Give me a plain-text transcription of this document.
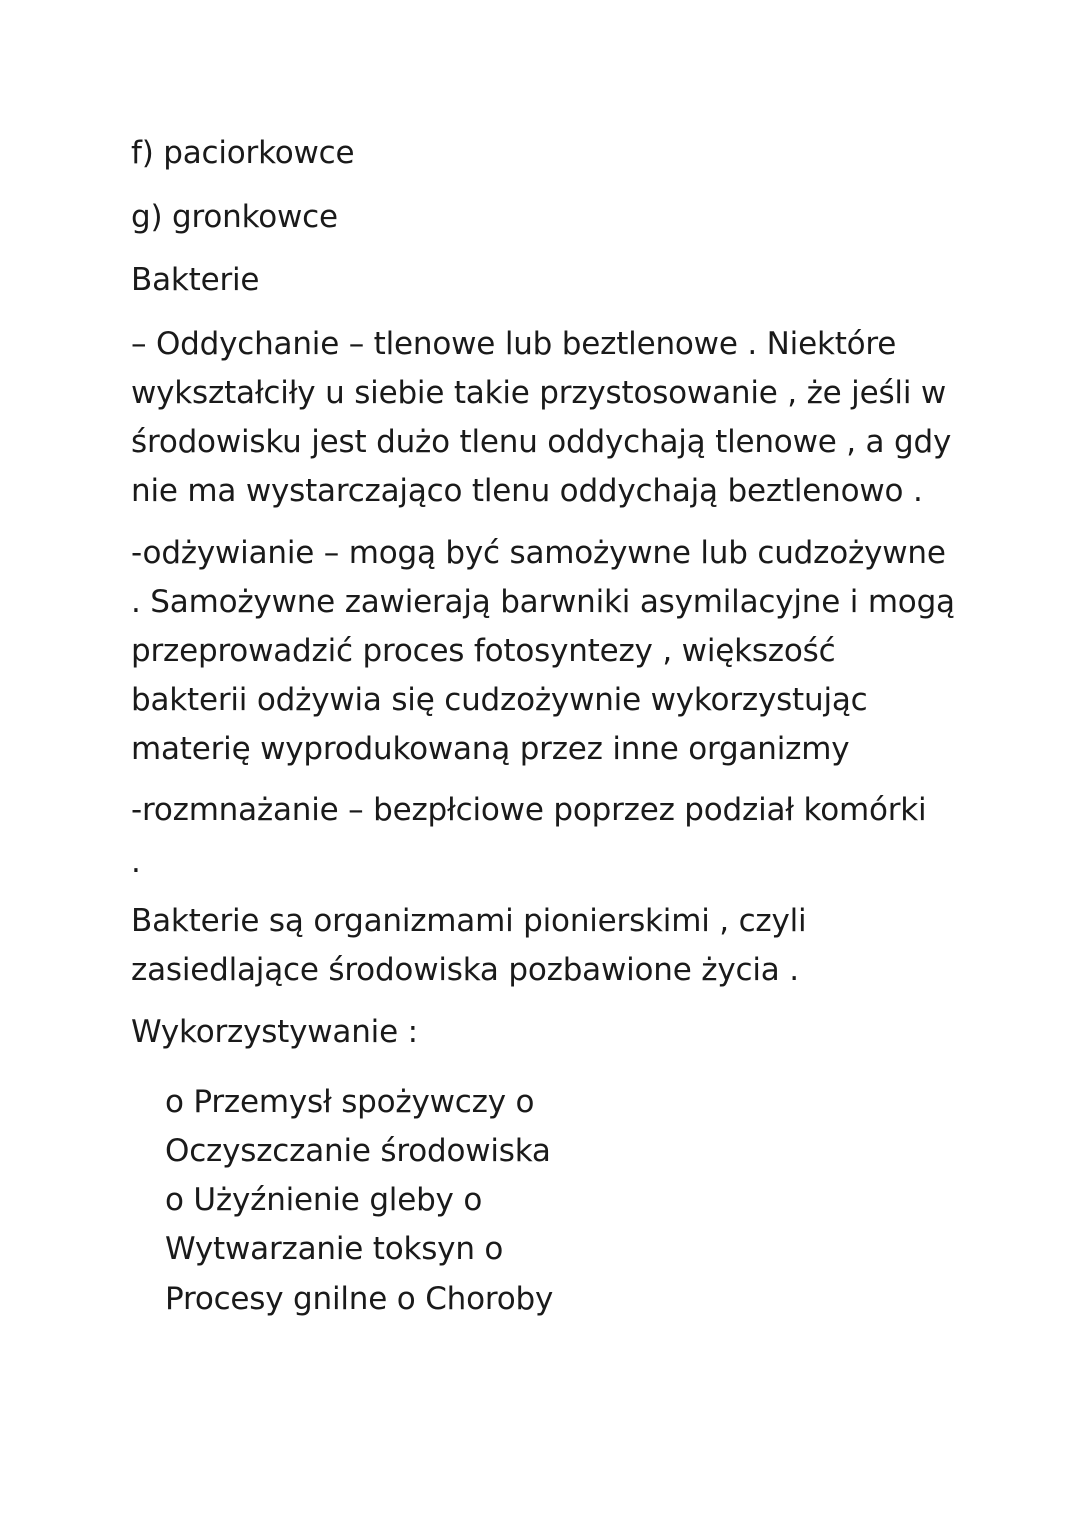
f) paciorkowce
g) gronkowce
Bakterie
– Oddychanie – tlenowe lub beztlenowe . Niektóre
wykształciły u siebie takie przystosowanie , że jeśli w
środowisku jest dużo tlenu oddychają tlenowe , a gdy
nie ma wystarczająco tlenu oddychają beztlenowo .
-odżywianie – mogą być samożywne lub cudzożywne
. Samożywne zawierają barwniki asymilacyjne i mogą
przeprowadzić proces fotosyntezy , większość
bakterii odżywia się cudzożywnie wykorzystując
materię wyprodukowaną przez inne organizmy
-rozmnażanie – bezpłciowe poprzez podział komórki
.
Bakterie są organizmami pionierskimi , czyli
zasiedlające środowiska pozbawione życia .
Wykorzystywanie :
o Przemysł spożywczy o
Oczyszczanie środowiska
o Użyźnienie gleby o
Wytwarzanie toksyn o
Procesy gnilne o Choroby
